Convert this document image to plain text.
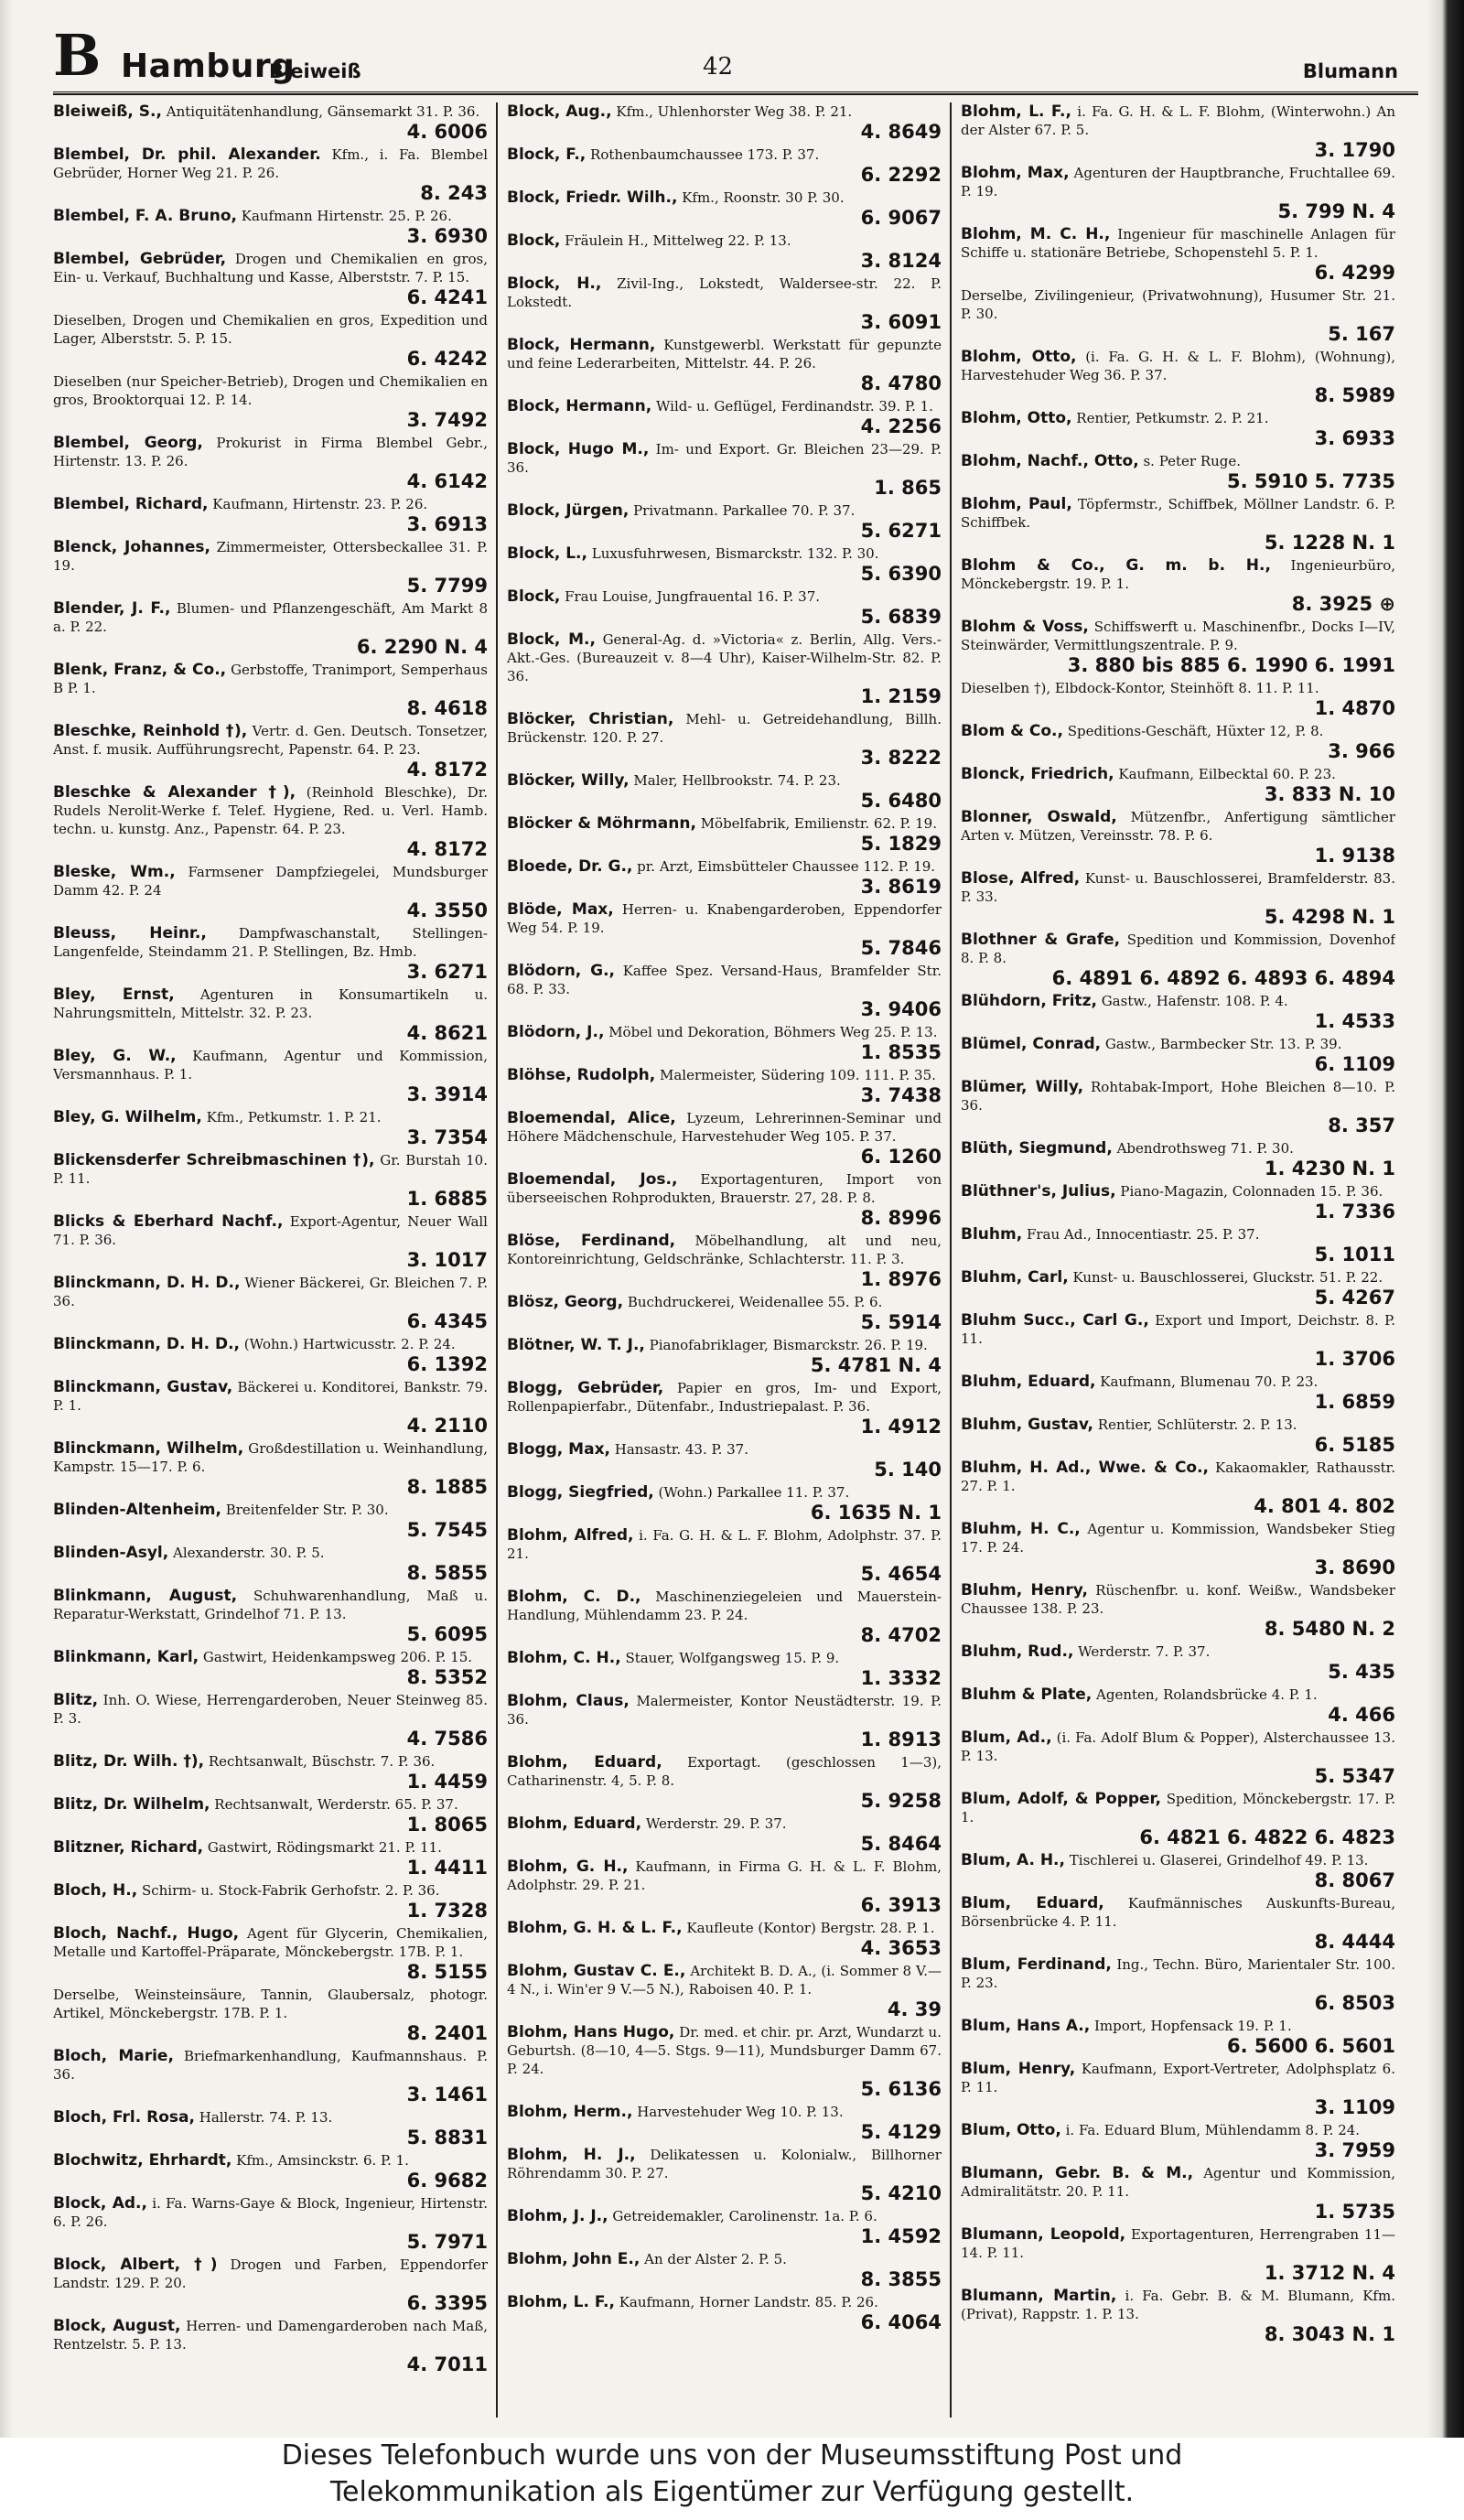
B Hamburg
Bleiweiß	42	Blumann

Bleiweiß, S., Antiquitätenhandlung, Gänsemarkt 31. P. 36.
4. 6006

Blembel, Dr. phil. Alexander. Kfm., i. Fa. Blembel Gebrüder, Horner Weg 21. P. 26.
8. 243

Blembel, F. A. Bruno, Kaufmann Hirtenstr. 25. P. 26.
3. 6930

Blembel, Gebrüder, Drogen und Chemikalien en gros, Ein- u. Verkauf, Buchhaltung und Kasse, Alberststr. 7. P. 15.
6. 4241

Dieselben, Drogen und Chemikalien en gros, Expedition und Lager, Alberststr. 5. P. 15.
6. 4242

Dieselben (nur Speicher-Betrieb), Drogen und Chemikalien en gros, Brooktorquai 12. P. 14.
3. 7492

Blembel, Georg, Prokurist in Firma Blembel Gebr., Hirtenstr. 13. P. 26.
4. 6142

Blembel, Richard, Kaufmann, Hirtenstr. 23. P. 26.
3. 6913

Blenck, Johannes, Zimmermeister, Ottersbeckallee 31. P. 19.
5. 7799

Blender, J. F., Blumen- und Pflanzengeschäft, Am Markt 8 a. P. 22.
6. 2290 N. 4

Blenk, Franz, & Co., Gerbstoffe, Tranimport, Semperhaus B P. 1.
8. 4618

Bleschke, Reinhold †), Vertr. d. Gen. Deutsch. Tonsetzer, Anst. f. musik. Aufführungsrecht, Papenstr. 64. P. 23.
4. 8172

Bleschke & Alexander †), (Reinhold Bleschke), Dr. Rudels Nerolit-Werke f. Telef. Hygiene, Red. u. Verl. Hamb. techn. u. kunstg. Anz., Papenstr. 64. P. 23.
4. 8172

Bleske, Wm., Farmsener Dampfziegelei, Mundsburger Damm 42. P. 24
4. 3550

Bleuss, Heinr., Dampfwaschanstalt, Stellingen-Langenfelde, Steindamm 21. P. Stellingen, Bz. Hmb.
3. 6271

Bley, Ernst, Agenturen in Konsumartikeln u. Nahrungsmitteln, Mittelstr. 32. P. 23.
4. 8621

Bley, G. W., Kaufmann, Agentur und Kommission, Versmannhaus. P. 1.
3. 3914

Bley, G. Wilhelm, Kfm., Petkumstr. 1. P. 21.
3. 7354

Blickensderfer Schreibmaschinen †), Gr. Burstah 10. P. 11.
1. 6885

Blicks & Eberhard Nachf., Export-Agentur, Neuer Wall 71. P. 36.
3. 1017

Blinckmann, D. H. D., Wiener Bäckerei, Gr. Bleichen 7. P. 36.
6. 4345

Blinckmann, D. H. D., (Wohn.) Hartwicusstr. 2. P. 24.
6. 1392

Blinckmann, Gustav, Bäckerei u. Konditorei, Bankstr. 79. P. 1.
4. 2110

Blinckmann, Wilhelm, Großdestillation u. Weinhandlung, Kampstr. 15—17. P. 6.
8. 1885

Blinden-Altenheim, Breitenfelder Str. P. 30.
5. 7545

Blinden-Asyl, Alexanderstr. 30. P. 5.
8. 5855

Blinkmann, August, Schuhwarenhandlung, Maß u. Reparatur-Werkstatt, Grindelhof 71. P. 13.
5. 6095

Blinkmann, Karl, Gastwirt, Heidenkampsweg 206. P. 15.
8. 5352

Blitz, Inh. O. Wiese, Herrengarderoben, Neuer Steinweg 85. P. 3.
4. 7586

Blitz, Dr. Wilh. †), Rechtsanwalt, Büschstr. 7. P. 36.
1. 4459

Blitz, Dr. Wilhelm, Rechtsanwalt, Werderstr. 65. P. 37.
1. 8065

Blitzner, Richard, Gastwirt, Rödingsmarkt 21. P. 11.
1. 4411

Bloch, H., Schirm- u. Stock-Fabrik Gerhofstr. 2. P. 36.
1. 7328

Bloch, Nachf., Hugo, Agent für Glycerin, Chemikalien, Metalle und Kartoffel-Präparate, Mönckebergstr. 17B. P. 1.
8. 5155

Derselbe, Weinsteinsäure, Tannin, Glaubersalz, photogr. Artikel, Mönckebergstr. 17B. P. 1.
8. 2401

Bloch, Marie, Briefmarkenhandlung, Kaufmannshaus. P. 36.
3. 1461

Bloch, Frl. Rosa, Hallerstr. 74. P. 13.
5. 8831

Blochwitz, Ehrhardt, Kfm., Amsinckstr. 6. P. 1.
6. 9682

Block, Ad., i. Fa. Warns-Gaye & Block, Ingenieur, Hirtenstr. 6. P. 26.
5. 7971

Block, Albert, †) Drogen und Farben, Eppendorfer Landstr. 129. P. 20.
6. 3395

Block, August, Herren- und Damengarderoben nach Maß, Rentzelstr. 5. P. 13.
4. 7011

Block, Aug., Kfm., Uhlenhorster Weg 38. P. 21.
4. 8649

Block, F., Rothenbaumchaussee 173. P. 37.
6. 2292

Block, Friedr. Wilh., Kfm., Roonstr. 30 P. 30.
6. 9067

Block, Fräulein H., Mittelweg 22. P. 13.
3. 8124

Block, H., Zivil-Ing., Lokstedt, Waldersee-str. 22. P. Lokstedt.
3. 6091

Block, Hermann, Kunstgewerbl. Werkstatt für gepunzte und feine Lederarbeiten, Mittelstr. 44. P. 26.
8. 4780

Block, Hermann, Wild- u. Geflügel, Ferdinandstr. 39. P. 1.
4. 2256

Block, Hugo M., Im- und Export. Gr. Bleichen 23—29. P. 36.
1. 865

Block, Jürgen, Privatmann. Parkallee 70. P. 37.
5. 6271

Block, L., Luxusfuhrwesen, Bismarckstr. 132. P. 30.
5. 6390

Block, Frau Louise, Jungfrauental 16. P. 37.
5. 6839

Block, M., General-Ag. d. »Victoria« z. Berlin, Allg. Vers.-Akt.-Ges. (Bureauzeit v. 8—4 Uhr), Kaiser-Wilhelm-Str. 82. P. 36.
1. 2159

Blöcker, Christian, Mehl- u. Getreidehandlung, Billh. Brückenstr. 120. P. 27.
3. 8222

Blöcker, Willy, Maler, Hellbrookstr. 74. P. 23.
5. 6480

Blöcker & Möhrmann, Möbelfabrik, Emilienstr. 62. P. 19.
5. 1829

Bloede, Dr. G., pr. Arzt, Eimsbütteler Chaussee 112. P. 19.
3. 8619

Blöde, Max, Herren- u. Knabengarderoben, Eppendorfer Weg 54. P. 19.
5. 7846

Blödorn, G., Kaffee Spez. Versand-Haus, Bramfelder Str. 68. P. 33.
3. 9406

Blödorn, J., Möbel und Dekoration, Böhmers Weg 25. P. 13.
1. 8535

Blöhse, Rudolph, Malermeister, Südering 109. 111. P. 35.
3. 7438

Bloemendal, Alice, Lyzeum, Lehrerinnen-Seminar und Höhere Mädchenschule, Harvestehuder Weg 105. P. 37.
6. 1260

Bloemendal, Jos., Exportagenturen, Import von überseeischen Rohprodukten, Brauerstr. 27, 28. P. 8.
8. 8996

Blöse, Ferdinand, Möbelhandlung, alt und neu, Kontoreinrichtung, Geldschränke, Schlachterstr. 11. P. 3.
1. 8976

Blösz, Georg, Buchdruckerei, Weidenallee 55. P. 6.
5. 5914

Blötner, W. T. J., Pianofabriklager, Bismarckstr. 26. P. 19.
5. 4781 N. 4

Blogg, Gebrüder, Papier en gros, Im- und Export, Rollenpapierfabr., Dütenfabr., Industriepalast. P. 36.
1. 4912

Blogg, Max, Hansastr. 43. P. 37.
5. 140

Blogg, Siegfried, (Wohn.) Parkallee 11. P. 37.
6. 1635 N. 1

Blohm, Alfred, i. Fa. G. H. & L. F. Blohm, Adolphstr. 37. P. 21.
5. 4654

Blohm, C. D., Maschinenziegeleien und Mauerstein-Handlung, Mühlendamm 23. P. 24.
8. 4702

Blohm, C. H., Stauer, Wolfgangsweg 15. P. 9.
1. 3332

Blohm, Claus, Malermeister, Kontor Neustädterstr. 19. P. 36.
1. 8913

Blohm, Eduard, Exportagt. (geschlossen 1—3), Catharinenstr. 4, 5. P. 8.
5. 9258

Blohm, Eduard, Werderstr. 29. P. 37.
5. 8464

Blohm, G. H., Kaufmann, in Firma G. H. & L. F. Blohm, Adolphstr. 29. P. 21.
6. 3913

Blohm, G. H. & L. F., Kaufleute (Kontor) Bergstr. 28. P. 1.
4. 3653

Blohm, Gustav C. E., Architekt B. D. A., (i. Sommer 8 V.—4 N., i. Win'er 9 V.—5 N.), Raboisen 40. P. 1.
4. 39

Blohm, Hans Hugo, Dr. med. et chir. pr. Arzt, Wundarzt u. Geburtsh. (8—10, 4—5. Stgs. 9—11), Mundsburger Damm 67. P. 24.
5. 6136

Blohm, Herm., Harvestehuder Weg 10. P. 13.
5. 4129

Blohm, H. J., Delikatessen u. Kolonialw., Billhorner Röhrendamm 30. P. 27.
5. 4210

Blohm, J. J., Getreidemakler, Carolinenstr. 1a. P. 6.
1. 4592

Blohm, John E., An der Alster 2. P. 5.
8. 3855

Blohm, L. F., Kaufmann, Horner Landstr. 85. P. 26.
6. 4064

Blohm, L. F., i. Fa. G. H. & L. F. Blohm, (Winterwohn.) An der Alster 67. P. 5.
3. 1790

Blohm, Max, Agenturen der Hauptbranche, Fruchtallee 69. P. 19.
5. 799 N. 4

Blohm, M. C. H., Ingenieur für maschinelle Anlagen für Schiffe u. stationäre Betriebe, Schopenstehl 5. P. 1.
6. 4299

Derselbe, Zivilingenieur, (Privatwohnung), Husumer Str. 21. P. 30.
5. 167

Blohm, Otto, (i. Fa. G. H. & L. F. Blohm), (Wohnung), Harvestehuder Weg 36. P. 37.
8. 5989

Blohm, Otto, Rentier, Petkumstr. 2. P. 21.
3. 6933

Blohm, Nachf., Otto, s. Peter Ruge.
5. 5910 5. 7735

Blohm, Paul, Töpfermstr., Schiffbek, Möllner Landstr. 6. P. Schiffbek.
5. 1228 N. 1

Blohm & Co., G. m. b. H., Ingenieurbüro, Mönckebergstr. 19. P. 1.
8. 3925 ⊕

Blohm & Voss, Schiffswerft u. Maschinenfbr., Docks I—IV, Steinwärder, Vermittlungszentrale. P. 9.
3. 880 bis 885 6. 1990 6. 1991

Dieselben †), Elbdock-Kontor, Steinhöft 8. 11. P. 11.
1. 4870

Blom & Co., Speditions-Geschäft, Hüxter 12, P. 8.
3. 966

Blonck, Friedrich, Kaufmann, Eilbecktal 60. P. 23.
3. 833 N. 10

Blonner, Oswald, Mützenfbr., Anfertigung sämtlicher Arten v. Mützen, Vereinsstr. 78. P. 6.
1. 9138

Blose, Alfred, Kunst- u. Bauschlosserei, Bramfelderstr. 83. P. 33.
5. 4298 N. 1

Blothner & Grafe, Spedition und Kommission, Dovenhof 8. P. 8.
6. 4891 6. 4892 6. 4893 6. 4894

Blühdorn, Fritz, Gastw., Hafenstr. 108. P. 4.
1. 4533

Blümel, Conrad, Gastw., Barmbecker Str. 13. P. 39.
6. 1109

Blümer, Willy, Rohtabak-Import, Hohe Bleichen 8—10. P. 36.
8. 357

Blüth, Siegmund, Abendrothsweg 71. P. 30.
1. 4230 N. 1

Blüthner's, Julius, Piano-Magazin, Colonnaden 15. P. 36.
1. 7336

Bluhm, Frau Ad., Innocentiastr. 25. P. 37.
5. 1011

Bluhm, Carl, Kunst- u. Bauschlosserei, Gluckstr. 51. P. 22.
5. 4267

Bluhm Succ., Carl G., Export und Import, Deichstr. 8. P. 11.
1. 3706

Bluhm, Eduard, Kaufmann, Blumenau 70. P. 23.
1. 6859

Bluhm, Gustav, Rentier, Schlüterstr. 2. P. 13.
6. 5185

Bluhm, H. Ad., Wwe. & Co., Kakaomakler, Rathausstr. 27. P. 1.
4. 801 4. 802

Bluhm, H. C., Agentur u. Kommission, Wandsbeker Stieg 17. P. 24.
3. 8690

Bluhm, Henry, Rüschenfbr. u. konf. Weißw., Wandsbeker Chaussee 138. P. 23.
8. 5480 N. 2

Bluhm, Rud., Werderstr. 7. P. 37.
5. 435

Bluhm & Plate, Agenten, Rolandsbrücke 4. P. 1.
4. 466

Blum, Ad., (i. Fa. Adolf Blum & Popper), Alsterchaussee 13. P. 13.
5. 5347

Blum, Adolf, & Popper, Spedition, Mönckebergstr. 17. P. 1.
6. 4821 6. 4822 6. 4823

Blum, A. H., Tischlerei u. Glaserei, Grindelhof 49. P. 13.
8. 8067

Blum, Eduard, Kaufmännisches Auskunfts-Bureau, Börsenbrücke 4. P. 11.
8. 4444

Blum, Ferdinand, Ing., Techn. Büro, Marientaler Str. 100. P. 23.
6. 8503

Blum, Hans A., Import, Hopfensack 19. P. 1.
6. 5600 6. 5601

Blum, Henry, Kaufmann, Export-Vertreter, Adolphsplatz 6. P. 11.
3. 1109

Blum, Otto, i. Fa. Eduard Blum, Mühlendamm 8. P. 24.
3. 7959

Blumann, Gebr. B. & M., Agentur und Kommission, Admiralitätstr. 20. P. 11.
1. 5735

Blumann, Leopold, Exportagenturen, Herrengraben 11—14. P. 11.
1. 3712 N. 4

Blumann, Martin, i. Fa. Gebr. B. & M. Blumann, Kfm. (Privat), Rappstr. 1. P. 13.
8. 3043 N. 1

Dieses Telefonbuch wurde uns von der Museumsstiftung Post und
Telekommunikation als Eigentümer zur Verfügung gestellt.
